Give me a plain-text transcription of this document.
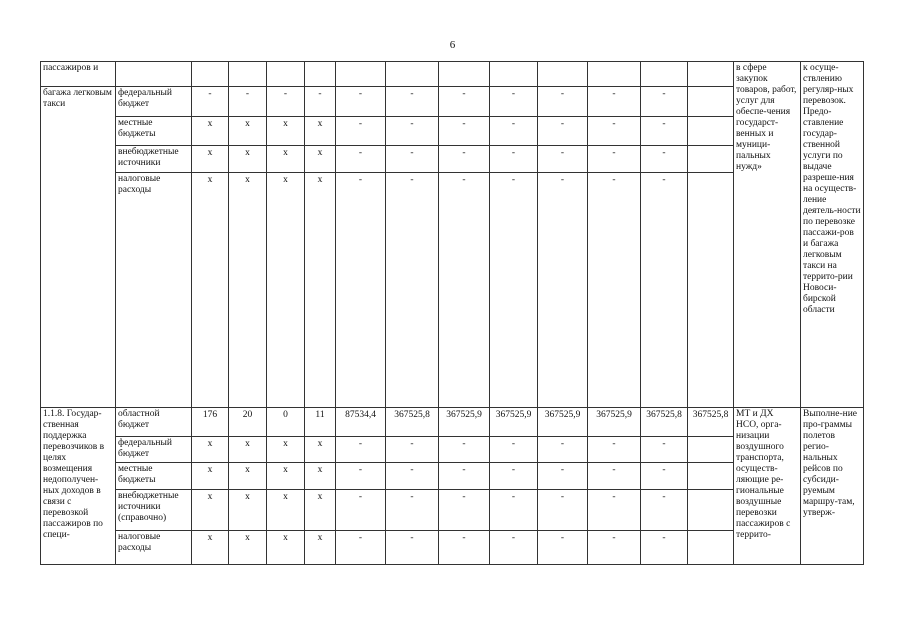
6
пассажиров и														в сфере закупок товаров, работ, услуг для обеспе-чения государст-венных и муници-пальных нужд»	к осуще-ствлению регуляр-ных перевозок. Предо-ставление государ-ственной услуги по выдаче разреше-ния на осуществ-ление деятель-ности по перевозке пассажи-ров и багажа легковым такси на террито-рии Новоси-бирской области
багажа легковым такси	федеральный бюджет	-	-	-	-	-	-	-	-	-	-	-			
	местные бюджеты	x	x	x	x	-	-	-	-	-	-	-			
	внебюджетные источники	x	x	x	x	-	-	-	-	-	-	-			
	налоговые расходы	x	x	x	x	-	-	-	-	-	-	-			
1.1.8. Государ-ственная поддержка перевозчиков в целях возмещения недополучен-ных доходов в связи с перевозкой пассажиров по специ-	областной бюджет	176	20	0	11	87534,4	367525,8	367525,9	367525,9	367525,9	367525,9	367525,8	367525,8	МТ и ДХ НСО, орга-низации воздушного транспорта, осуществ-ляющие ре-гиональные воздушные перевозки пассажиров с террито-	Выполне-ние про-граммы полетов регио-нальных рейсов по субсиди-руемым маршру-там, утверж-
	федеральный бюджет	x	x	x	x	-	-	-	-	-	-	-			
	местные бюджеты	x	x	x	x	-	-	-	-	-	-	-			
	внебюджетные источники (справочно)	x	x	x	x	-	-	-	-	-	-	-			
	налоговые расходы	x	x	x	x	-	-	-	-	-	-	-			
